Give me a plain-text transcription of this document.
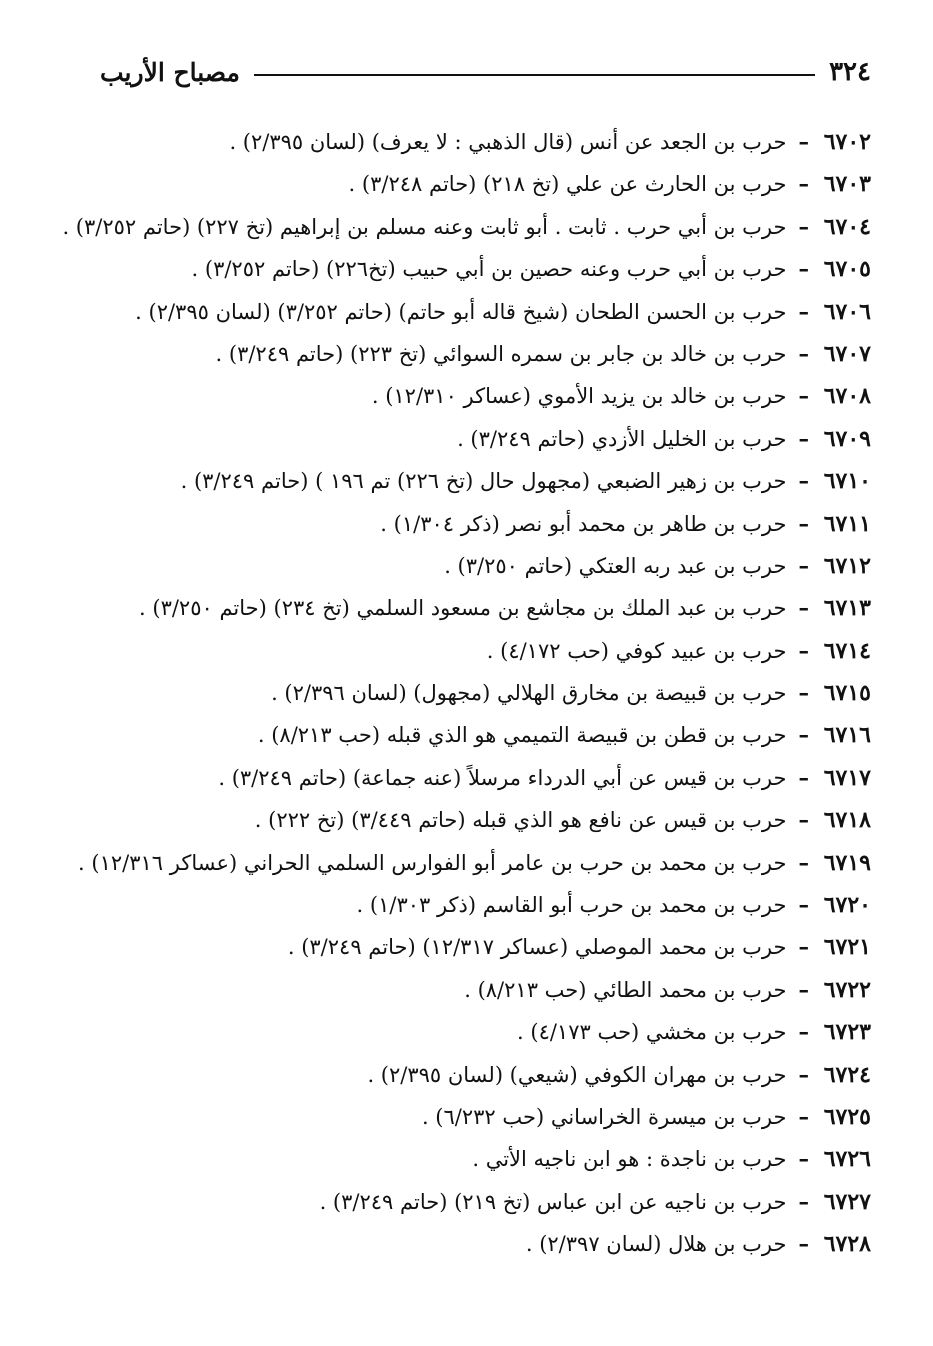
٣٢٤
مصباح الأريب
٦٧٠٢
–
حرب بن الجعد عن أنس (قال الذهبي : لا يعرف) (لسان ٢/٣٩٥) .
٦٧٠٣
–
حرب بن الحارث عن علي (تخ ٢١٨) (حاتم ٣/٢٤٨) .
٦٧٠٤
–
حرب بن أبي حرب . ثابت . أبو ثابت وعنه مسلم بن إبراهيم (تخ ٢٢٧) (حاتم ٣/٢٥٢) .
٦٧٠٥
–
حرب بن أبي حرب وعنه حصين بن أبي حبيب (تخ٢٢٦) (حاتم ٣/٢٥٢) .
٦٧٠٦
–
حرب بن الحسن الطحان (شيخ قاله أبو حاتم) (حاتم ٣/٢٥٢) (لسان ٢/٣٩٥) .
٦٧٠٧
–
حرب بن خالد بن جابر بن سمره السوائي (تخ ٢٢٣) (حاتم ٣/٢٤٩) .
٦٧٠٨
–
حرب بن خالد بن يزيد الأموي (عساكر ١٢/٣١٠) .
٦٧٠٩
–
حرب بن الخليل الأزدي (حاتم ٣/٢٤٩) .
٦٧١٠
–
حرب بن زهير الضبعي (مجهول حال (تخ ٢٢٦) تم ١٩٦ ) (حاتم ٣/٢٤٩) .
٦٧١١
–
حرب بن طاهر بن محمد أبو نصر (ذكر ١/٣٠٤) .
٦٧١٢
–
حرب بن عبد ربه العتكي (حاتم ٣/٢٥٠) .
٦٧١٣
–
حرب بن عبد الملك بن مجاشع بن مسعود السلمي (تخ ٢٣٤) (حاتم ٣/٢٥٠) .
٦٧١٤
–
حرب بن عبيد كوفي (حب ٤/١٧٢) .
٦٧١٥
–
حرب بن قبيصة بن مخارق الهلالي (مجهول) (لسان ٢/٣٩٦) .
٦٧١٦
–
حرب بن قطن بن قبيصة التميمي هو الذي قبله (حب ٨/٢١٣) .
٦٧١٧
–
حرب بن قيس عن أبي الدرداء مرسلاً (عنه جماعة) (حاتم ٣/٢٤٩) .
٦٧١٨
–
حرب بن قيس عن نافع هو الذي قبله (حاتم ٣/٤٤٩) (تخ ٢٢٢) .
٦٧١٩
–
حرب بن محمد بن حرب بن عامر أبو الفوارس السلمي الحراني (عساكر ١٢/٣١٦) .
٦٧٢٠
–
حرب بن محمد بن حرب أبو القاسم (ذكر ١/٣٠٣) .
٦٧٢١
–
حرب بن محمد الموصلي (عساكر ١٢/٣١٧) (حاتم ٣/٢٤٩) .
٦٧٢٢
–
حرب بن محمد الطائي (حب ٨/٢١٣) .
٦٧٢٣
–
حرب بن مخشي (حب ٤/١٧٣) .
٦٧٢٤
–
حرب بن مهران الكوفي (شيعي) (لسان ٢/٣٩٥) .
٦٧٢٥
–
حرب بن ميسرة الخراساني (حب ٦/٢٣٢) .
٦٧٢٦
–
حرب بن ناجدة : هو ابن ناجيه الأتي .
٦٧٢٧
–
حرب بن ناجيه عن ابن عباس (تخ ٢١٩) (حاتم ٣/٢٤٩) .
٦٧٢٨
–
حرب بن هلال (لسان ٢/٣٩٧) .
